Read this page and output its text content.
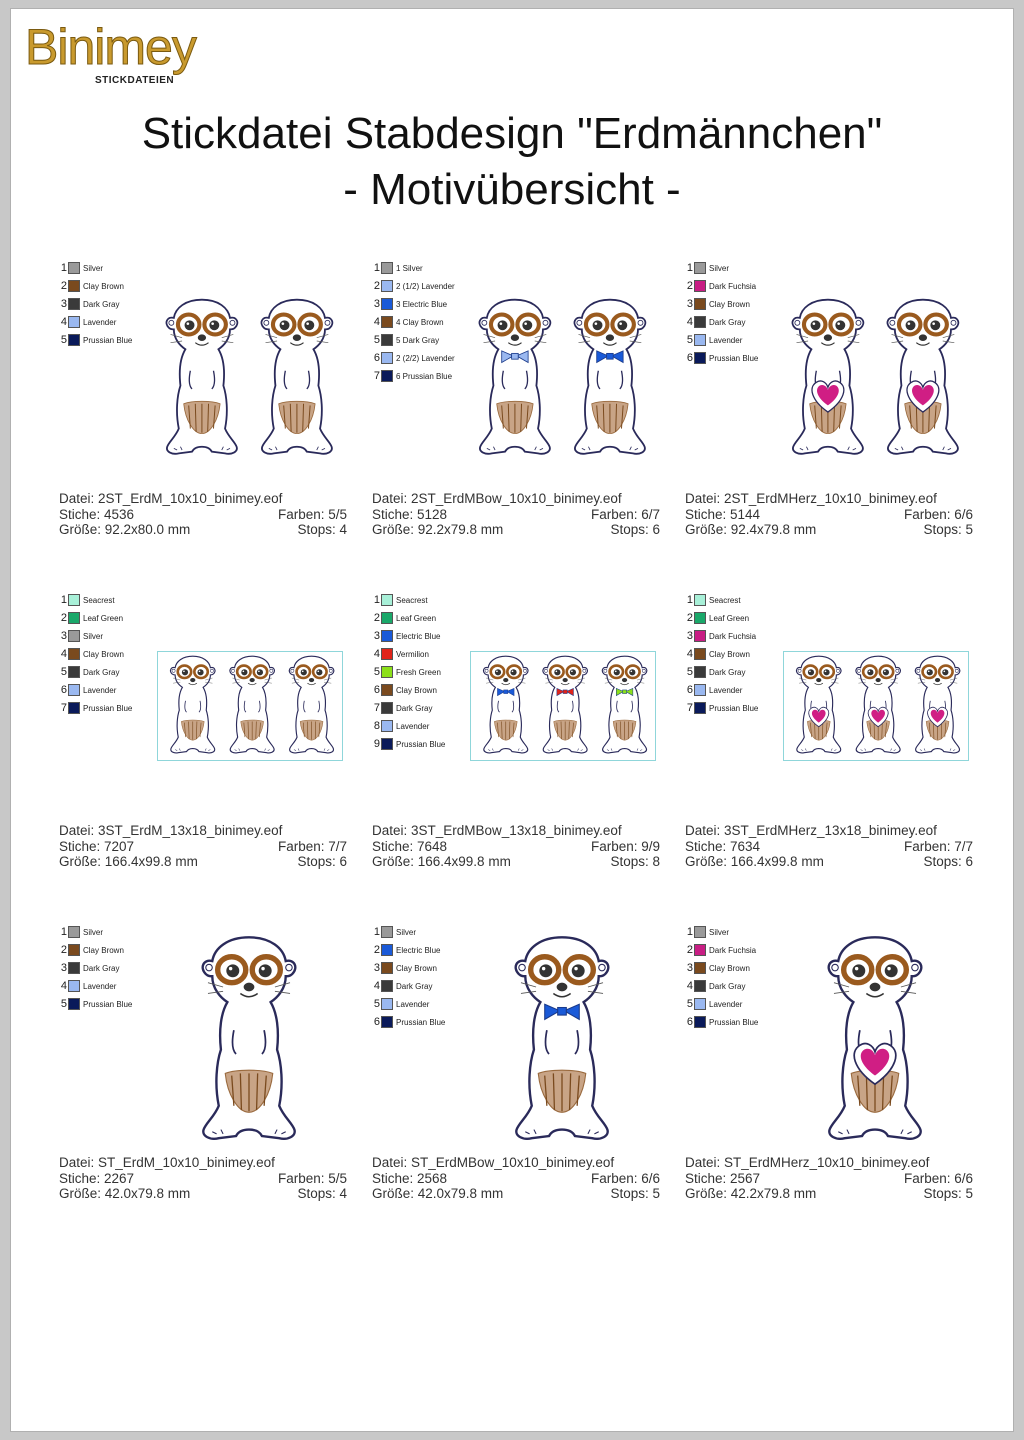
Binimey
STICKDATEIEN
Stickdatei Stabdesign "Erdmännchen"
- Motivübersicht -
1 Silver
2 Clay Brown
3 Dark Gray
4 Lavender
5 Prussian Blue
Datei: 2ST_ErdM_10x10_binimey.eof
Stiche: 4536	Farben: 5/5
Größe: 92.2x80.0 mm	Stops: 4
1 1 Silver
2 2 (1/2) Lavender
3 3 Electric Blue
4 4 Clay Brown
5 5 Dark Gray
6 2 (2/2) Lavender
7 6 Prussian Blue
Datei: 2ST_ErdMBow_10x10_binimey.eof
Stiche: 5128	Farben: 6/7
Größe: 92.2x79.8 mm	Stops: 6
1 Silver
2 Dark Fuchsia
3 Clay Brown
4 Dark Gray
5 Lavender
6 Prussian Blue
Datei: 2ST_ErdMHerz_10x10_binimey.eof
Stiche: 5144	Farben: 6/6
Größe: 92.4x79.8 mm	Stops: 5
1 Seacrest
2 Leaf Green
3 Silver
4 Clay Brown
5 Dark Gray
6 Lavender
7 Prussian Blue
Datei: 3ST_ErdM_13x18_binimey.eof
Stiche: 7207	Farben: 7/7
Größe: 166.4x99.8 mm	Stops: 6
1 Seacrest
2 Leaf Green
3 Electric Blue
4 Vermilion
5 Fresh Green
6 Clay Brown
7 Dark Gray
8 Lavender
9 Prussian Blue
Datei: 3ST_ErdMBow_13x18_binimey.eof
Stiche: 7648	Farben: 9/9
Größe: 166.4x99.8 mm	Stops: 8
1 Seacrest
2 Leaf Green
3 Dark Fuchsia
4 Clay Brown
5 Dark Gray
6 Lavender
7 Prussian Blue
Datei: 3ST_ErdMHerz_13x18_binimey.eof
Stiche: 7634	Farben: 7/7
Größe: 166.4x99.8 mm	Stops: 6
1 Silver
2 Clay Brown
3 Dark Gray
4 Lavender
5 Prussian Blue
Datei: ST_ErdM_10x10_binimey.eof
Stiche: 2267	Farben: 5/5
Größe: 42.0x79.8 mm	Stops: 4
1 Silver
2 Electric Blue
3 Clay Brown
4 Dark Gray
5 Lavender
6 Prussian Blue
Datei: ST_ErdMBow_10x10_binimey.eof
Stiche: 2568	Farben: 6/6
Größe: 42.0x79.8 mm	Stops: 5
1 Silver
2 Dark Fuchsia
3 Clay Brown
4 Dark Gray
5 Lavender
6 Prussian Blue
Datei: ST_ErdMHerz_10x10_binimey.eof
Stiche: 2567	Farben: 6/6
Größe: 42.2x79.8 mm	Stops: 5
